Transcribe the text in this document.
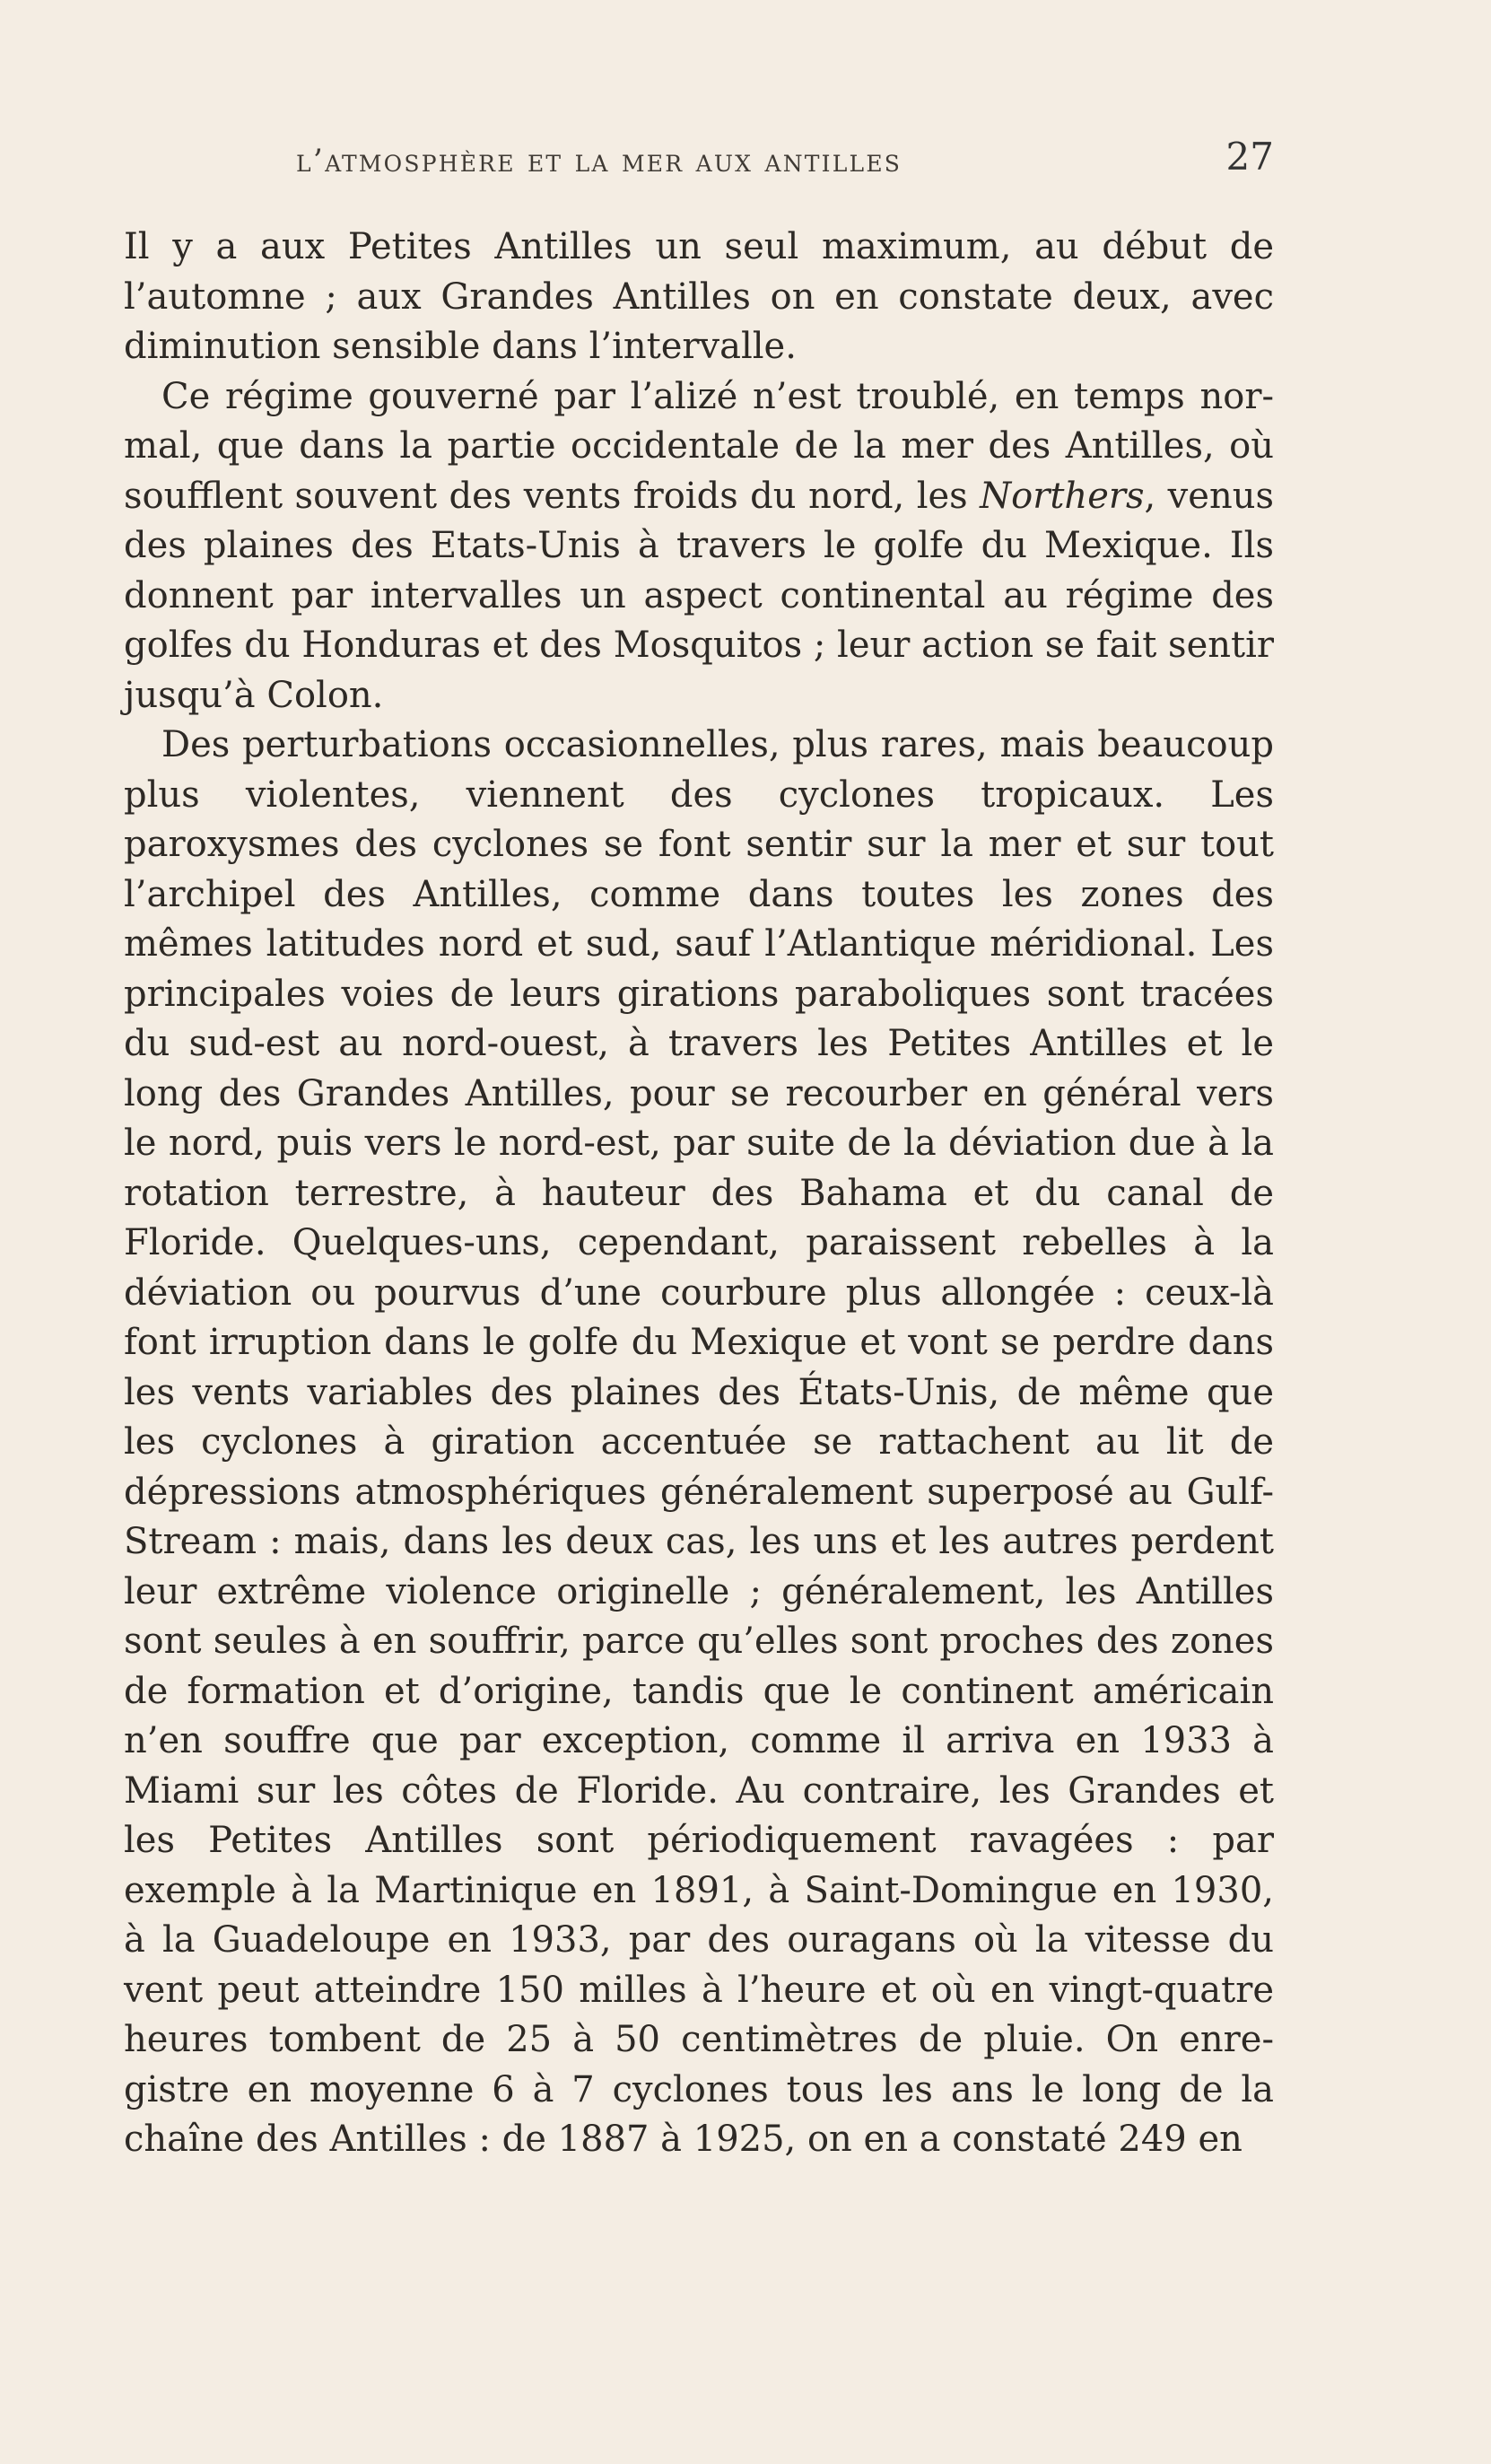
l’atmosphère et la mer aux antilles	27

Il y a aux Petites Antilles un seul maximum, au début de l’automne ; aux Grandes Antilles on en constate deux, avec diminution sensible dans l’intervalle.

Ce régime gouverné par l’alizé n’est troublé, en temps normal, que dans la partie occidentale de la mer des Antilles, où soufflent souvent des vents froids du nord, les Northers, venus des plaines des Etats-Unis à travers le golfe du Mexique. Ils donnent par intervalles un aspect continental au régime des golfes du Honduras et des Mosquitos ; leur action se fait sentir jusqu’à Colon.

Des perturbations occasionnelles, plus rares, mais beaucoup plus violentes, viennent des cyclones tropicaux. Les paroxysmes des cyclones se font sentir sur la mer et sur tout l’archipel des Antilles, comme dans toutes les zones des mêmes latitudes nord et sud, sauf l’Atlantique méridional. Les principales voies de leurs girations paraboliques sont tracées du sud-est au nord-ouest, à travers les Petites Antilles et le long des Grandes Antilles, pour se recourber en général vers le nord, puis vers le nord-est, par suite de la déviation due à la rotation terrestre, à hauteur des Bahama et du canal de Floride. Quelques-uns, cependant, paraissent rebelles à la déviation ou pourvus d’une courbure plus allongée : ceux-là font irruption dans le golfe du Mexique et vont se perdre dans les vents variables des plaines des États-Unis, de même que les cyclones à giration accentuée se rattachent au lit de dépressions atmosphériques généralement superposé au Gulf-Stream : mais, dans les deux cas, les uns et les autres perdent leur extrême violence originelle ; généralement, les Antilles sont seules à en souffrir, parce qu’elles sont proches des zones de formation et d’origine, tandis que le continent américain n’en souffre que par exception, comme il arriva en 1933 à Miami sur les côtes de Floride. Au contraire, les Grandes et les Petites Antilles sont périodiquement ravagées : par exemple à la Martinique en 1891, à Saint-Domingue en 1930, à la Guadeloupe en 1933, par des ouragans où la vitesse du vent peut atteindre 150 milles à l’heure et où en vingt-quatre heures tombent de 25 à 50 centimètres de pluie. On enregistre en moyenne 6 à 7 cyclones tous les ans le long de la chaîne des Antilles : de 1887 à 1925, on en a constaté 249 en
